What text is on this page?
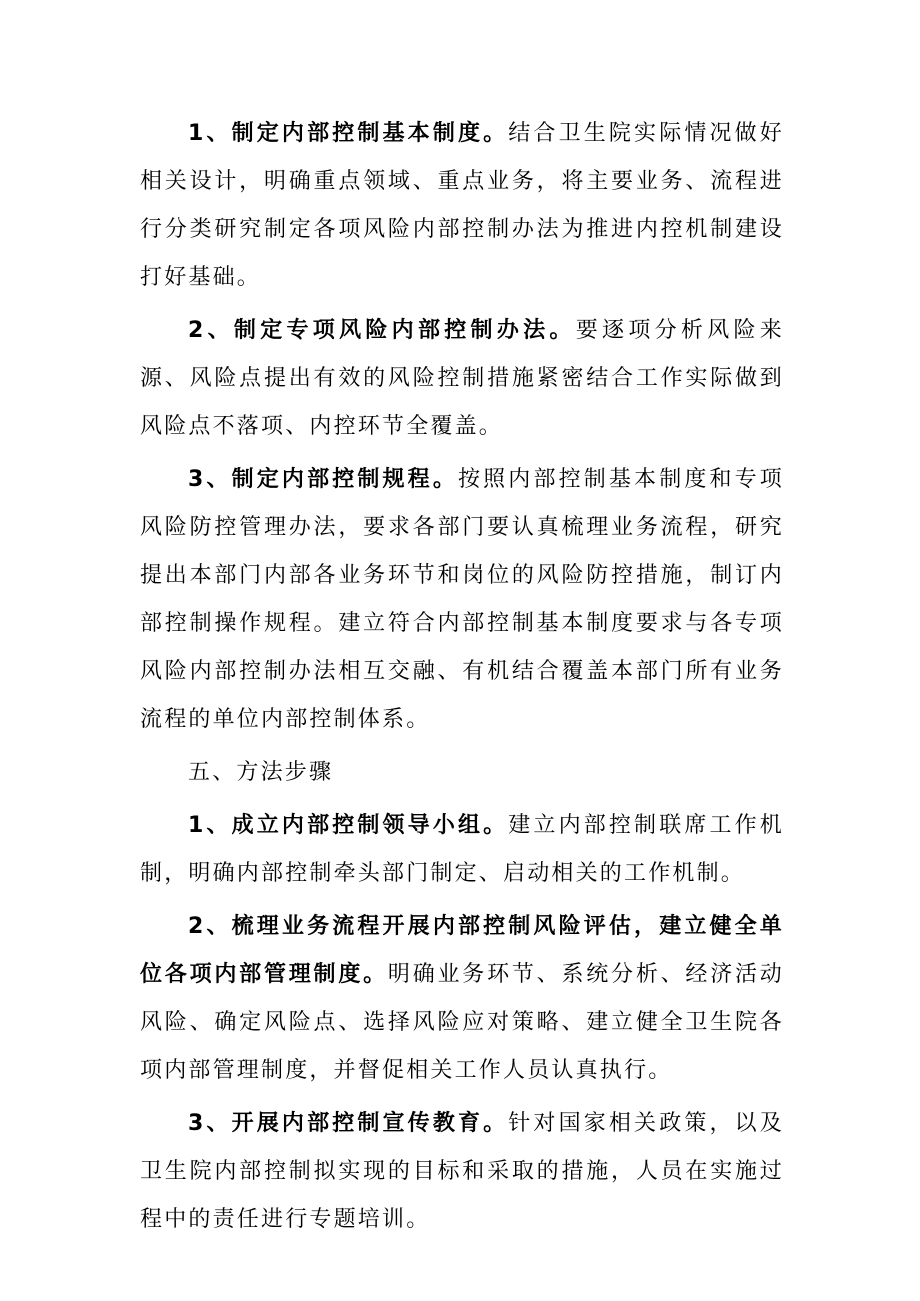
1、制定内部控制基本制度。结合卫生院实际情况做好相关设计，明确重点领域、重点业务，将主要业务、流程进行分类研究制定各项风险内部控制办法为推进内控机制建设打好基础。

2、制定专项风险内部控制办法。要逐项分析风险来源、风险点提出有效的风险控制措施紧密结合工作实际做到风险点不落项、内控环节全覆盖。

3、制定内部控制规程。按照内部控制基本制度和专项风险防控管理办法，要求各部门要认真梳理业务流程，研究提出本部门内部各业务环节和岗位的风险防控措施，制订内部控制操作规程。建立符合内部控制基本制度要求与各专项风险内部控制办法相互交融、有机结合覆盖本部门所有业务流程的单位内部控制体系。

五、方法步骤

1、成立内部控制领导小组。建立内部控制联席工作机制，明确内部控制牵头部门制定、启动相关的工作机制。

2、梳理业务流程开展内部控制风险评估，建立健全单位各项内部管理制度。明确业务环节、系统分析、经济活动风险、确定风险点、选择风险应对策略、建立健全卫生院各项内部管理制度，并督促相关工作人员认真执行。

3、开展内部控制宣传教育。针对国家相关政策，以及卫生院内部控制拟实现的目标和采取的措施，人员在实施过程中的责任进行专题培训。
